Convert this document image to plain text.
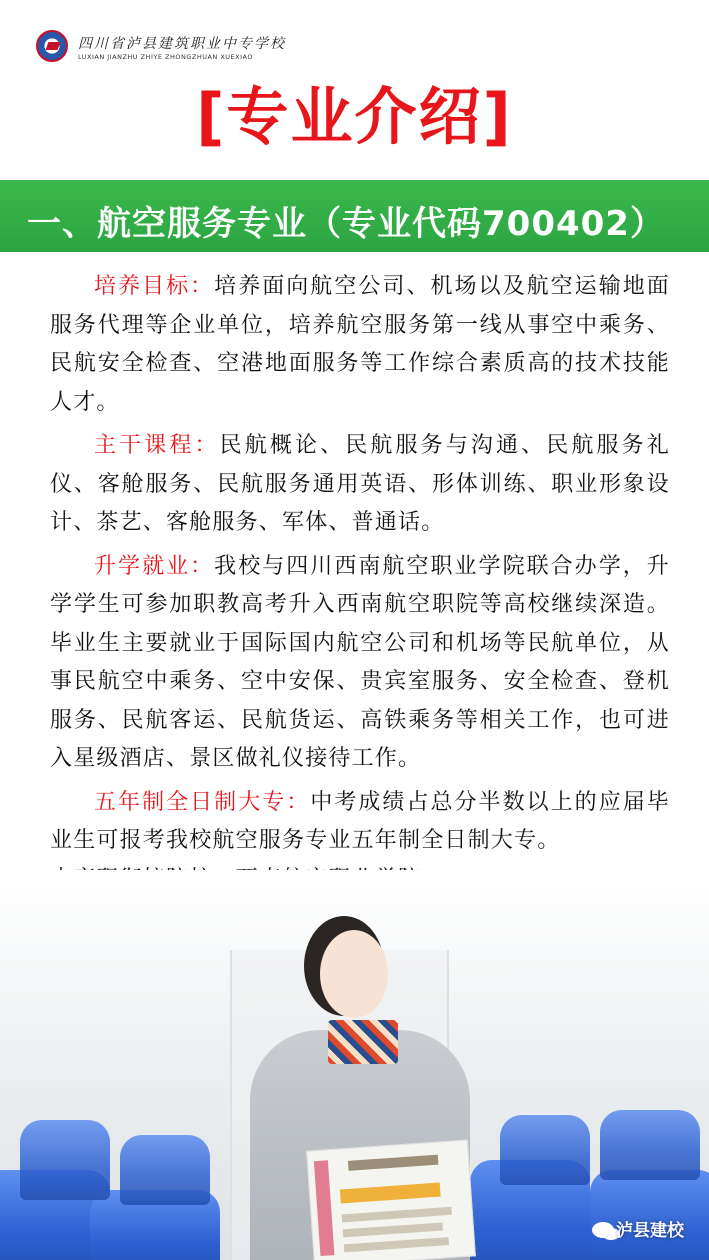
四川省泸县建筑职业中专学校
LUXIAN JIANZHU ZHIYE ZHONGZHUAN XUEXIAO
[专业介绍]
一、航空服务专业（专业代码700402）

培养目标：培养面向航空公司、机场以及航空运输地面服务代理等企业单位，培养航空服务第一线从事空中乘务、民航安全检查、空港地面服务等工作综合素质高的技术技能人才。

主干课程：民航概论、民航服务与沟通、民航服务礼仪、客舱服务、民航服务通用英语、形体训练、职业形象设计、茶艺、客舱服务、军体、普通话。

升学就业：我校与四川西南航空职业学院联合办学，升学学生可参加职教高考升入西南航空职院等高校继续深造。毕业生主要就业于国际国内航空公司和机场等民航单位，从事民航空中乘务、空中安保、贵宾室服务、安全检查、登机服务、民航客运、民航货运、高铁乘务等相关工作，也可进入星级酒店、景区做礼仪接待工作。

五年制全日制大专：中考成绩占总分半数以上的应届毕业生可报考我校航空服务专业五年制全日制大专。

泸县建校
